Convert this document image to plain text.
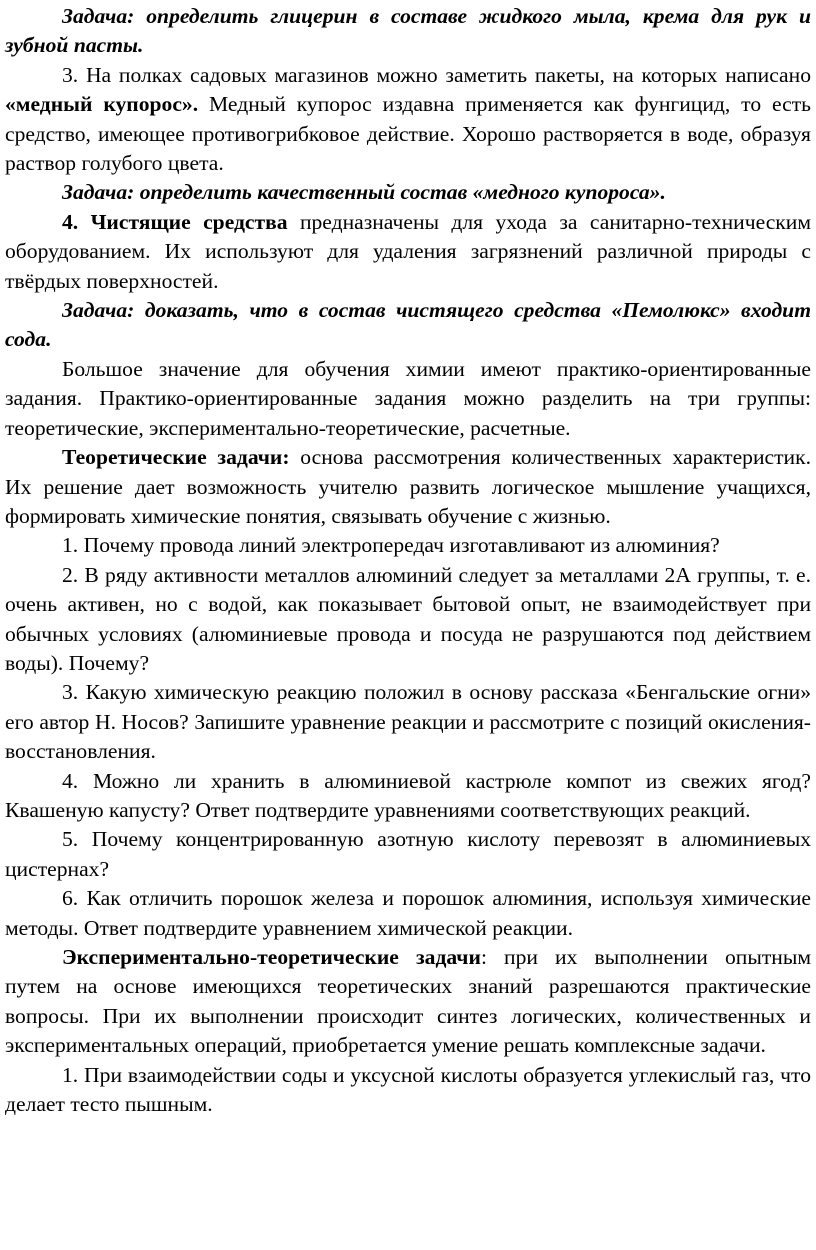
Задача: определить глицерин в составе жидкого мыла, крема для рук и зубной пасты.

3. На полках садовых магазинов можно заметить пакеты, на которых написано «медный купорос». Медный купорос издавна применяется как фунгицид, то есть средство, имеющее противогрибковое действие. Хорошо растворяется в воде, образуя раствор голубого цвета.

Задача: определить качественный состав «медного купороса».

4. Чистящие средства предназначены для ухода за санитарно-техническим оборудованием. Их используют для удаления загрязнений различной природы с твёрдых поверхностей.

Задача: доказать, что в состав чистящего средства «Пемолюкс» входит сода.

Большое значение для обучения химии имеют практико-ориентированные задания. Практико-ориентированные задания можно разделить на три группы: теоретические, экспериментально-теоретические, расчетные.

Теоретические задачи: основа рассмотрения количественных характеристик. Их решение дает возможность учителю развить логическое мышление учащихся, формировать химические понятия, связывать обучение с жизнью.

1. Почему провода линий электропередач изготавливают из алюминия?

2. В ряду активности металлов алюминий следует за металлами 2А группы, т. е. очень активен, но с водой, как показывает бытовой опыт, не взаимодействует при обычных условиях (алюминиевые провода и посуда не разрушаются под действием воды). Почему?

3. Какую химическую реакцию положил в основу рассказа «Бенгальские огни» его автор Н. Носов? Запишите уравнение реакции и рассмотрите с позиций окисления-восстановления.

4. Можно ли хранить в алюминиевой кастрюле компот из свежих ягод? Квашеную капусту? Ответ подтвердите уравнениями соответствующих реакций.

5. Почему концентрированную азотную кислоту перевозят в алюминиевых цистернах?

6. Как отличить порошок железа и порошок алюминия, используя химические методы. Ответ подтвердите уравнением химической реакции.

Экспериментально-теоретические задачи: при их выполнении опытным путем на основе имеющихся теоретических знаний разрешаются практические вопросы. При их выполнении происходит синтез логических, количественных и экспериментальных операций, приобретается умение решать комплексные задачи.

1. При взаимодействии соды и уксусной кислоты образуется углекислый газ, что делает тесто пышным.
